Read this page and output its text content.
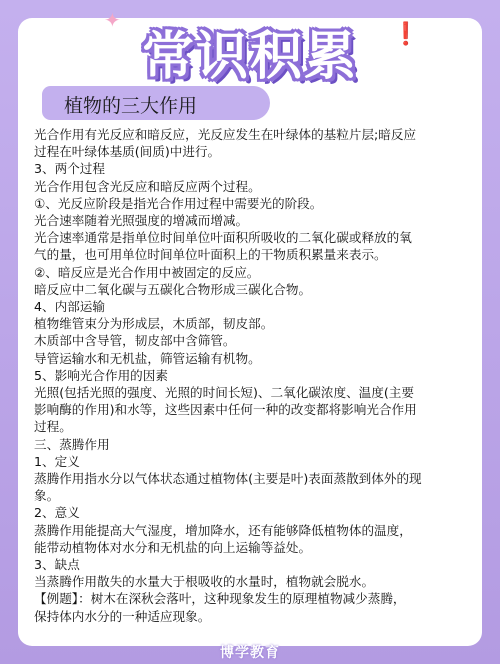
✦
❗
常识积累
植物的三大作用

光合作用有光反应和暗反应，光反应发生在叶绿体的基粒片层;暗反应

过程在叶绿体基质(间质)中进行。

3、两个过程

光合作用包含光反应和暗反应两个过程。

①、光反应阶段是指光合作用过程中需要光的阶段。

光合速率随着光照强度的增减而增减。

光合速率通常是指单位时间单位叶面积所吸收的二氧化碳或释放的氧

气的量，也可用单位时间单位叶面积上的干物质积累量来表示。

②、暗反应是光合作用中被固定的反应。

暗反应中二氧化碳与五碳化合物形成三碳化合物。

4、内部运输

植物维管束分为形成层，木质部，韧皮部。

木质部中含导管，韧皮部中含筛管。

导管运输水和无机盐，筛管运输有机物。

5、影响光合作用的因素

光照(包括光照的强度、光照的时间长短)、二氧化碳浓度、温度(主要

影响酶的作用)和水等，这些因素中任何一种的改变都将影响光合作用

过程。

三、蒸腾作用

1、定义

蒸腾作用指水分以气体状态通过植物体(主要是叶)表面蒸散到体外的现

象。

2、意义

蒸腾作用能提高大气湿度，增加降水，还有能够降低植物体的温度，

能带动植物体对水分和无机盐的向上运输等益处。

3、缺点

当蒸腾作用散失的水量大于根吸收的水量时，植物就会脱水。

【例题】：树木在深秋会落叶，这种现象发生的原理植物减少蒸腾，

保持体内水分的一种适应现象。

博学教育
